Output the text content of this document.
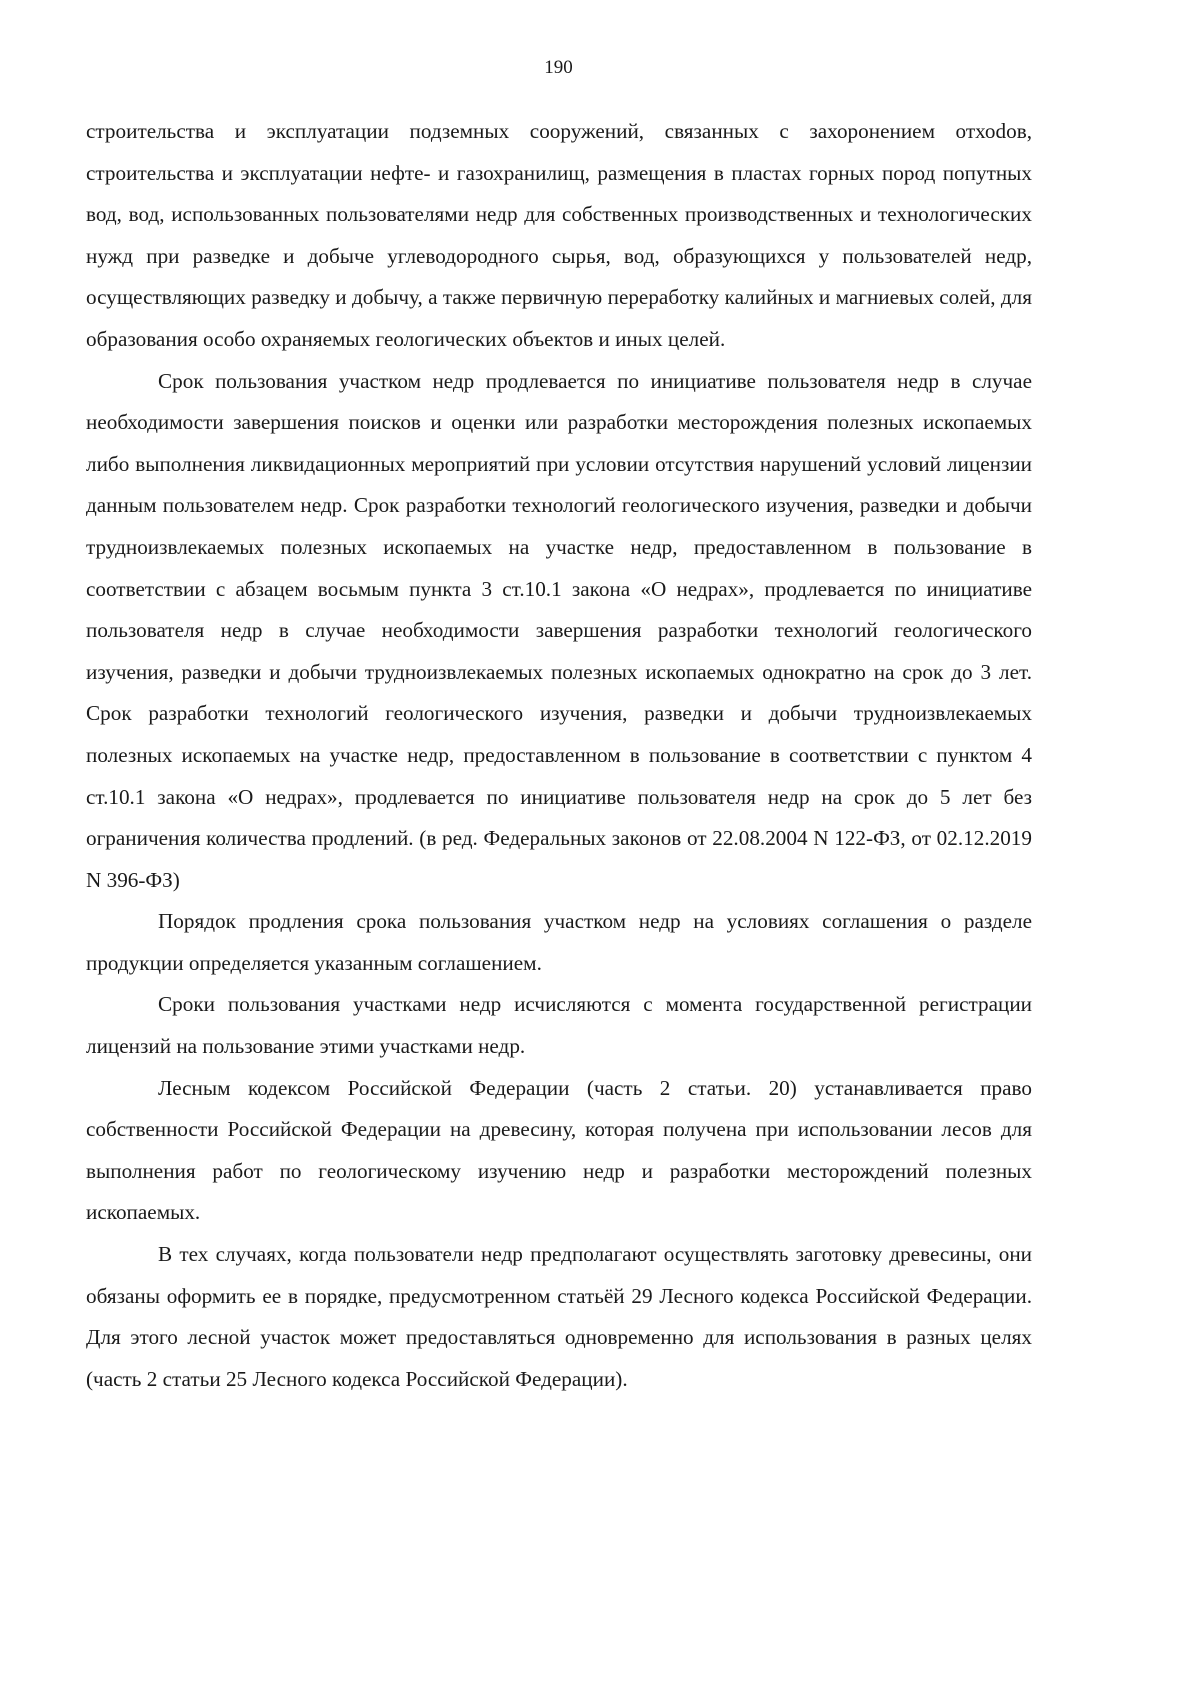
190

строительства и эксплуатации подземных сооружений, связанных с захоронением отхоdов, строительства и эксплуатации нефте- и газохранилищ, размещения в пластах горных пород попутных вод, вод, использованных пользователями недр для собственных производственных и технологических нужд при разведке и добыче углеводородного сырья, вод, образующихся у пользователей недр, осуществляющих разведку и добычу, а также первичную переработку калийных и магниевых солей, для образования особо охраняемых геологических объектов и иных целей.

Срок пользования участком недр продлевается по инициативе пользователя недр в случае необходимости завершения поисков и оценки или разработки месторождения полезных ископаемых либо выполнения ликвидационных мероприятий при условии отсутствия нарушений условий лицензии данным пользователем недр. Срок разработки технологий геологического изучения, разведки и добычи трудноизвлекаемых полезных ископаемых на участке недр, предоставленном в пользование в соответствии с абзацем восьмым пункта 3 ст.10.1 закона «О недрах», продлевается по инициативе пользователя недр в случае необходимости завершения разработки технологий геологического изучения, разведки и добычи трудноизвлекаемых полезных ископаемых однократно на срок до 3 лет. Срок разработки технологий геологического изучения, разведки и добычи трудноизвлекаемых полезных ископаемых на участке недр, предоставленном в пользование в соответствии с пунктом 4 ст.10.1 закона «О недрах», продлевается по инициативе пользователя недр на срок до 5 лет без ограничения количества продлений. (в ред. Федеральных законов от 22.08.2004 N 122-ФЗ, от 02.12.2019 N 396-ФЗ)

Порядок продления срока пользования участком недр на условиях соглашения о разделе продукции определяется указанным соглашением.

Сроки пользования участками недр исчисляются с момента государственной регистрации лицензий на пользование этими участками недр.

Лесным кодексом Российской Федерации (часть 2 статьи. 20) устанавливается право собственности Российской Федерации на древесину, которая получена при использовании лесов для выполнения работ по геологическому изучению недр и разработки месторождений полезных ископаемых.

В тех случаях, когда пользователи недр предполагают осуществлять заготовку древесины, они обязаны оформить ее в порядке, предусмотренном статьёй 29 Лесного кодекса Российской Федерации. Для этого лесной участок может предоставляться одновременно для использования в разных целях (часть 2 статьи 25 Лесного кодекса Российской Федерации).
